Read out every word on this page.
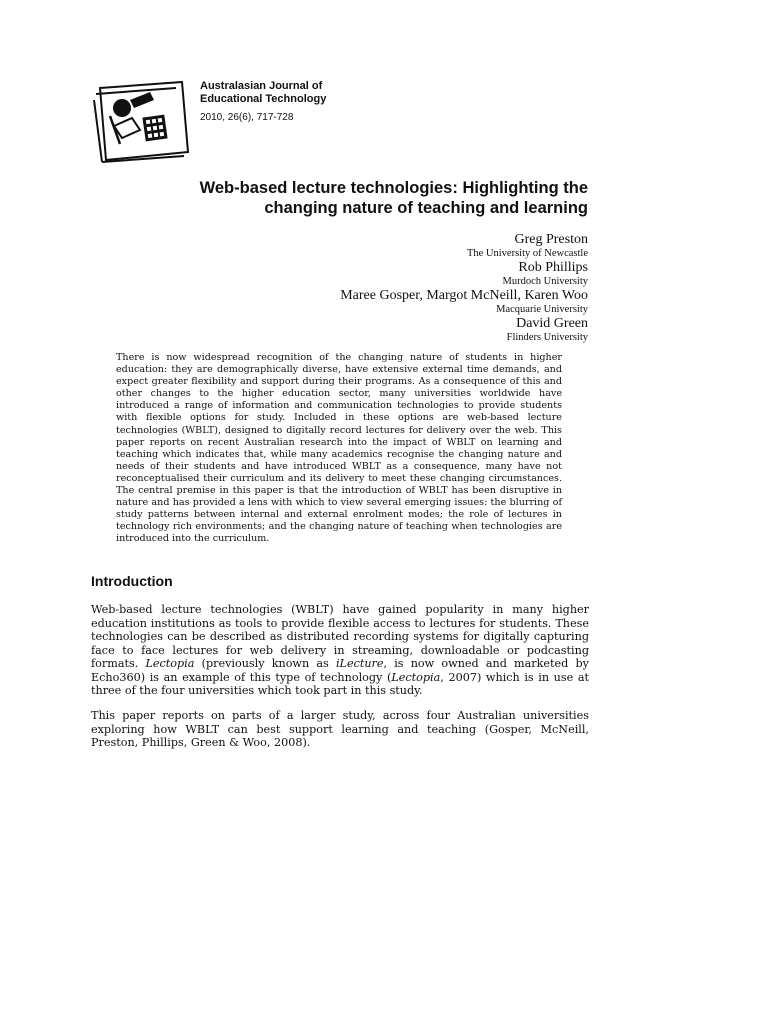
Australasian Journal of
Educational Technology
2010, 26(6), 717-728
Web-based lecture technologies: Highlighting the
changing nature of teaching and learning
Greg Preston
The University of Newcastle
Rob Phillips
Murdoch University
Maree Gosper, Margot McNeill, Karen Woo
Macquarie University
David Green
Flinders University

There is now widespread recognition of the changing nature of students in higher education: they are demographically diverse, have extensive external time demands, and expect greater flexibility and support during their programs. As a consequence of this and other changes to the higher education sector, many universities worldwide have introduced a range of information and communication technologies to provide students with flexible options for study. Included in these options are web-based lecture technologies (WBLT), designed to digitally record lectures for delivery over the web. This paper reports on recent Australian research into the impact of WBLT on learning and teaching which indicates that, while many academics recognise the changing nature and needs of their students and have introduced WBLT as a consequence, many have not reconceptualised their curriculum and its delivery to meet these changing circumstances. The central premise in this paper is that the introduction of WBLT has been disruptive in nature and has provided a lens with which to view several emerging issues: the blurring of study patterns between internal and external enrolment modes; the role of lectures in technology rich environments; and the changing nature of teaching when technologies are introduced into the curriculum.

Introduction

Web-based lecture technologies (WBLT) have gained popularity in many higher education institutions as tools to provide flexible access to lectures for students. These technologies can be described as distributed recording systems for digitally capturing face to face lectures for web delivery in streaming, downloadable or podcasting formats. Lectopia (previously known as iLecture, is now owned and marketed by Echo360) is an example of this type of technology (Lectopia, 2007) which is in use at three of the four universities which took part in this study.

This paper reports on parts of a larger study, across four Australian universities exploring how WBLT can best support learning and teaching (Gosper, McNeill, Preston, Phillips, Green & Woo, 2008).
